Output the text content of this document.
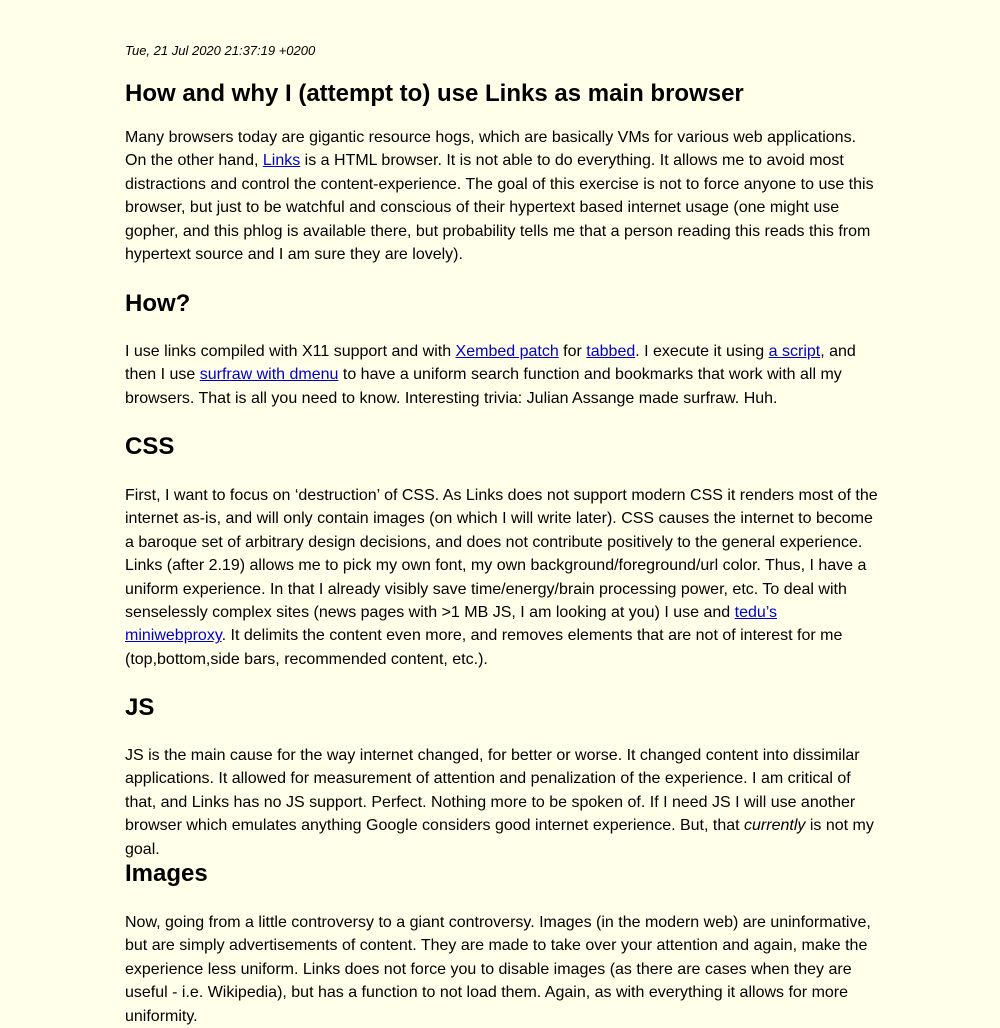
Tue, 21 Jul 2020 21:37:19 +0200
How and why I (attempt to) use Links as main browser

Many browsers today are gigantic resource hogs, which are basically VMs for various web applications. On the other hand, Links is a HTML browser. It is not able to do everything. It allows me to avoid most distractions and control the content-experience. The goal of this exercise is not to force anyone to use this browser, but just to be watchful and conscious of their hypertext based internet usage (one might use gopher, and this phlog is available there, but probability tells me that a person reading this reads this from hypertext source and I am sure they are lovely).

How?

I use links compiled with X11 support and with Xembed patch for tabbed. I execute it using a script, and then I use surfraw with dmenu to have a uniform search function and bookmarks that work with all my browsers. That is all you need to know. Interesting trivia: Julian Assange made surfraw. Huh.

CSS

First, I want to focus on ‘destruction’ of CSS. As Links does not support modern CSS it renders most of the internet as-is, and will only contain images (on which I will write later). CSS causes the internet to become a baroque set of arbitrary design decisions, and does not contribute positively to the general experience. Links (after 2.19) allows me to pick my own font, my own background/foreground/url color. Thus, I have a uniform experience. In that I already visibly save time/energy/brain processing power, etc. To deal with senselessly complex sites (news pages with >1 MB JS, I am looking at you) I use and tedu’s miniwebproxy. It delimits the content even more, and removes elements that are not of interest for me (top,bottom,side bars, recommended content, etc.).

JS

JS is the main cause for the way internet changed, for better or worse. It changed content into dissimilar applications. It allowed for measurement of attention and penalization of the experience. I am critical of that, and Links has no JS support. Perfect. Nothing more to be spoken of. If I need JS I will use another browser which emulates anything Google considers good internet experience. But, that currently is not my goal.

Images

Now, going from a little controversy to a giant controversy. Images (in the modern web) are uninformative, but are simply advertisements of content. They are made to take over your attention and again, make the experience less uniform. Links does not force you to disable images (as there are cases when they are useful - i.e. Wikipedia), but has a function to not load them. Again, as with everything it allows for more uniformity.
